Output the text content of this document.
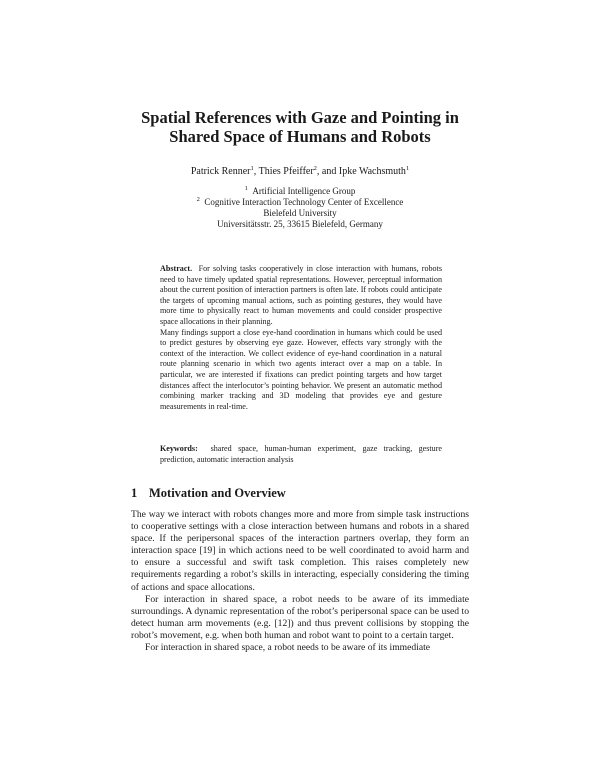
Spatial References with Gaze and Pointing in
Shared Space of Humans and Robots
Patrick Renner$^1$, Thies Pfeiffer$^2$, and Ipke Wachsmuth$^1$
$^1$ Artificial Intelligence Group
$^2$ Cognitive Interaction Technology Center of Excellence
Bielefeld University
Universitätsstr. 25, 33615 Bielefeld, Germany

Abstract. For solving tasks cooperatively in close interaction with humans, robots need to have timely updated spatial representations. However, perceptual information about the current position of interaction partners is often late. If robots could anticipate the targets of upcoming manual actions, such as pointing gestures, they would have more time to physically react to human movements and could consider prospective space allocations in their planning.

Many findings support a close eye-hand coordination in humans which could be used to predict gestures by observing eye gaze. However, effects vary strongly with the context of the interaction. We collect evidence of eye-hand coordination in a natural route planning scenario in which two agents interact over a map on a table. In particular, we are interested if fixations can predict pointing targets and how target distances affect the interlocutor’s pointing behavior. We present an automatic method combining marker tracking and 3D modeling that provides eye and gesture measurements in real-time.

Keywords: shared space, human-human experiment, gaze tracking, gesture prediction, automatic interaction analysis
1 Motivation and Overview

The way we interact with robots changes more and more from simple task instructions to cooperative settings with a close interaction between humans and robots in a shared space. If the peripersonal spaces of the interaction partners overlap, they form an interaction space [19] in which actions need to be well coordinated to avoid harm and to ensure a successful and swift task completion. This raises completely new requirements regarding a robot’s skills in interacting, especially considering the timing of actions and space allocations.

For interaction in shared space, a robot needs to be aware of its immediate surroundings. A dynamic representation of the robot’s peripersonal space can be used to detect human arm movements (e.g. [12]) and thus prevent collisions by stopping the robot’s movement, e.g. when both human and robot want to point to a certain target.

For interaction in shared space, a robot needs to be aware of its immediate
